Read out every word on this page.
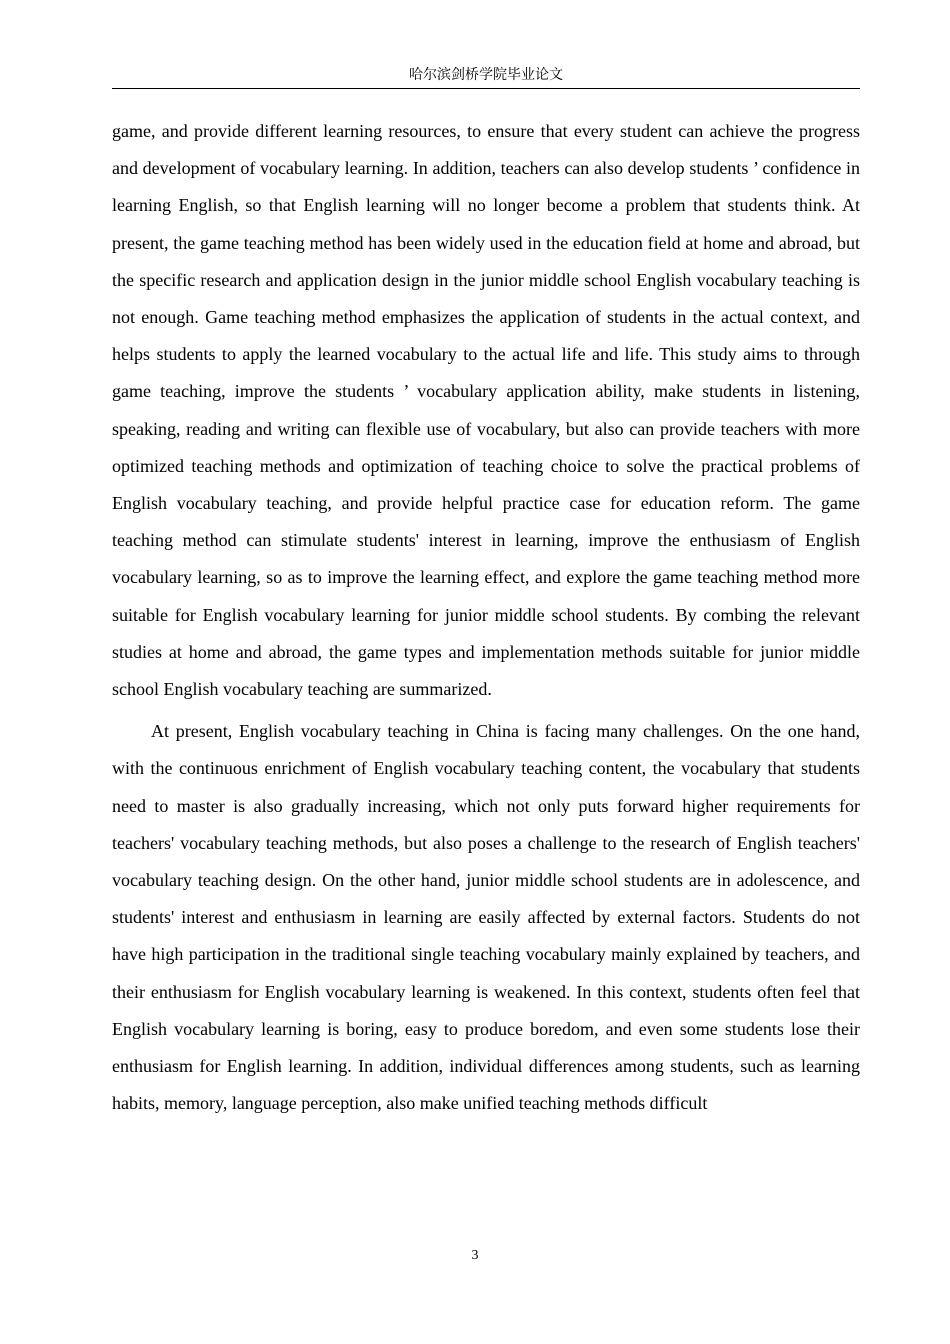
哈尔滨剑桥学院毕业论文

game, and provide different learning resources, to ensure that every student can achieve the progress and development of vocabulary learning. In addition, teachers can also develop students ’ confidence in learning English, so that English learning will no longer become a problem that students think. At present, the game teaching method has been widely used in the education field at home and abroad, but the specific research and application design in the junior middle school English vocabulary teaching is not enough. Game teaching method emphasizes the application of students in the actual context, and helps students to apply the learned vocabulary to the actual life and life. This study aims to through game teaching, improve the students ’ vocabulary application ability, make students in listening, speaking, reading and writing can flexible use of vocabulary, but also can provide teachers with more optimized teaching methods and optimization of teaching choice to solve the practical problems of English vocabulary teaching, and provide helpful practice case for education reform. The game teaching method can stimulate students' interest in learning, improve the enthusiasm of English vocabulary learning, so as to improve the learning effect, and explore the game teaching method more suitable for English vocabulary learning for junior middle school students. By combing the relevant studies at home and abroad, the game types and implementation methods suitable for junior middle school English vocabulary teaching are summarized.

At present, English vocabulary teaching in China is facing many challenges. On the one hand, with the continuous enrichment of English vocabulary teaching content, the vocabulary that students need to master is also gradually increasing, which not only puts forward higher requirements for teachers' vocabulary teaching methods, but also poses a challenge to the research of English teachers' vocabulary teaching design. On the other hand, junior middle school students are in adolescence, and students' interest and enthusiasm in learning are easily affected by external factors. Students do not have high participation in the traditional single teaching vocabulary mainly explained by teachers, and their enthusiasm for English vocabulary learning is weakened. In this context, students often feel that English vocabulary learning is boring, easy to produce boredom, and even some students lose their enthusiasm for English learning. In addition, individual differences among students, such as learning habits, memory, language perception, also make unified teaching methods difficult

3
